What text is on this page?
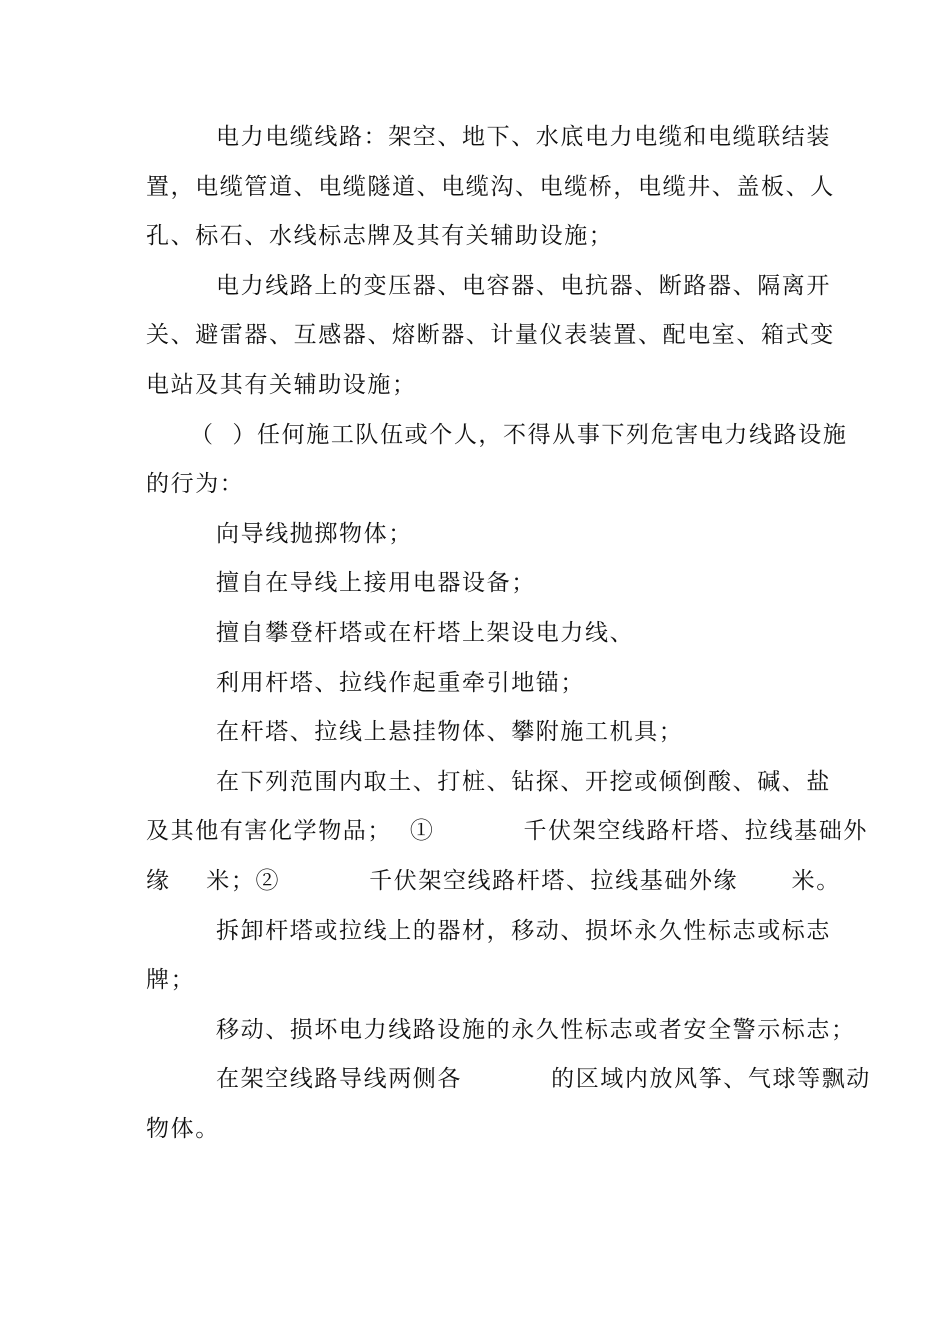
电力电缆线路：架空、地下、水底电力电缆和电缆联结装
置，电缆管道、电缆隧道、电缆沟、电缆桥，电缆井、盖板、人
孔、标石、水线标志牌及其有关辅助设施；
电力线路上的变压器、电容器、电抗器、断路器、隔离开
关、避雷器、互感器、熔断器、计量仪表装置、配电室、箱式变
电站及其有关辅助设施；
（  ）任何施工队伍或个人，不得从事下列危害电力线路设施
的行为：
向导线抛掷物体；
擅自在导线上接用电器设备；
擅自攀登杆塔或在杆塔上架设电力线、
利用杆塔、拉线作起重牵引地锚；
在杆塔、拉线上悬挂物体、攀附施工机具；
在下列范围内取土、打桩、钻探、开挖或倾倒酸、碱、盐
及其他有害化学物品；  ①          千伏架空线路杆塔、拉线基础外
缘    米；②          千伏架空线路杆塔、拉线基础外缘      米。
拆卸杆塔或拉线上的器材，移动、损坏永久性标志或标志
牌；
移动、损坏电力线路设施的永久性标志或者安全警示标志；
在架空线路导线两侧各          的区域内放风筝、气球等飘动
物体。
